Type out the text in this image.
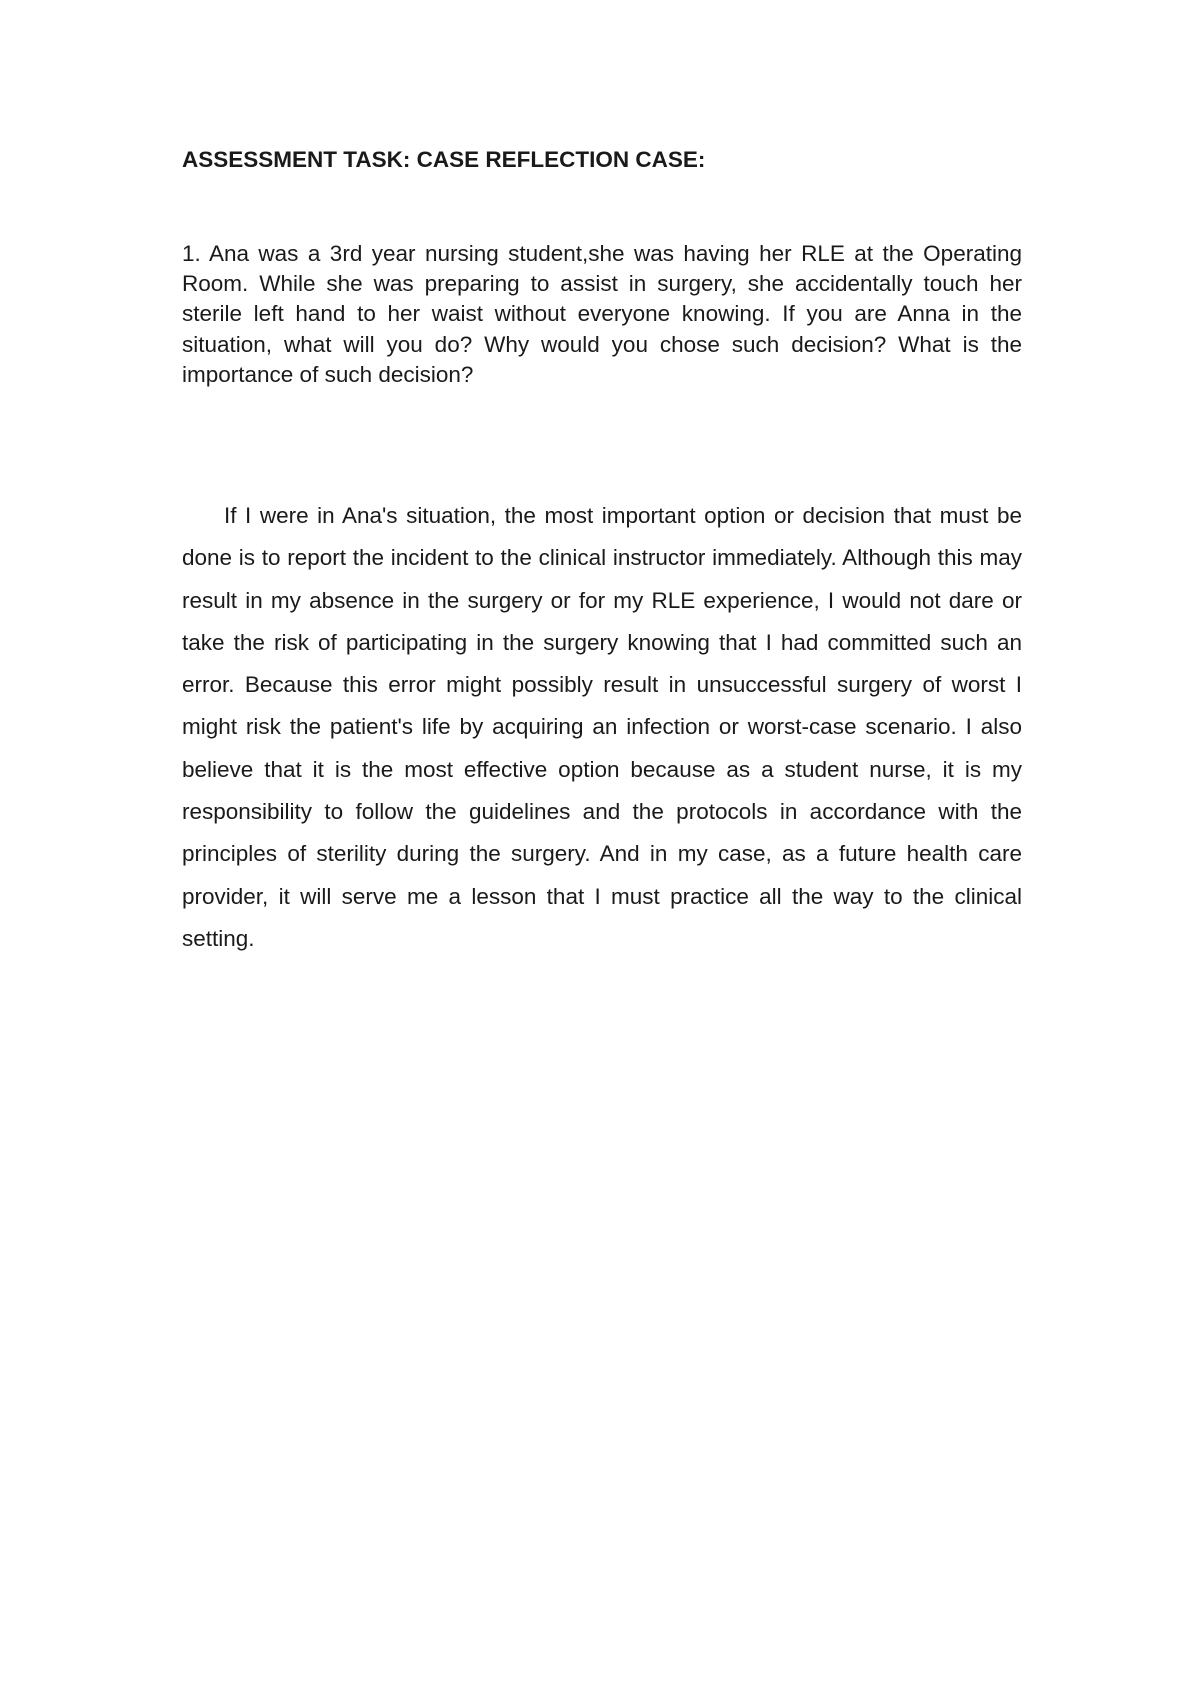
ASSESSMENT TASK: CASE REFLECTION CASE:

1. Ana was a 3rd year nursing student,she was having her RLE at the Operating Room. While she was preparing to assist in surgery, she accidentally touch her sterile left hand to her waist without everyone knowing. If you are Anna in the situation, what will you do? Why would you chose such decision? What is the importance of such decision?

If I were in Ana's situation, the most important option or decision that must be done is to report the incident to the clinical instructor immediately. Although this may result in my absence in the surgery or for my RLE experience, I would not dare or take the risk of participating in the surgery knowing that I had committed such an error. Because this error might possibly result in unsuccessful surgery of worst I might risk the patient's life by acquiring an infection or worst-case scenario. I also believe that it is the most effective option because as a student nurse, it is my responsibility to follow the guidelines and the protocols in accordance with the principles of sterility during the surgery. And in my case, as a future health care provider, it will serve me a lesson that I must practice all the way to the clinical setting.
